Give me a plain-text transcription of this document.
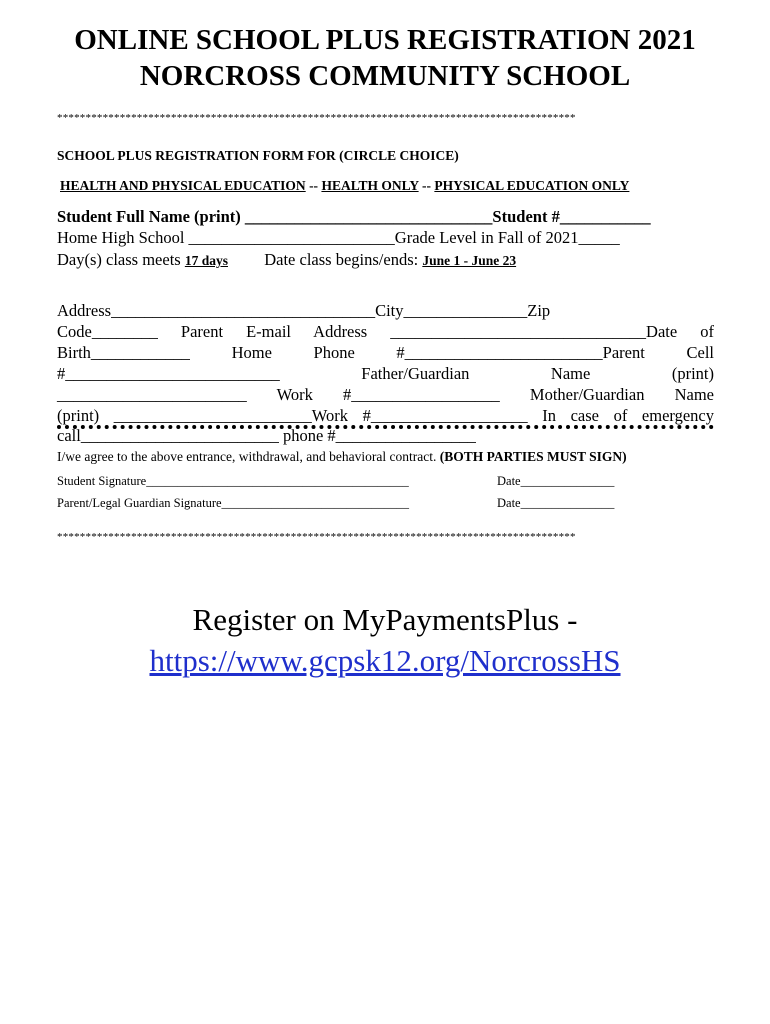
ONLINE SCHOOL PLUS REGISTRATION 2021
NORCROSS COMMUNITY SCHOOL
*******************************************************************************************
SCHOOL PLUS REGISTRATION FORM FOR (CIRCLE CHOICE)
HEALTH AND PHYSICAL EDUCATION -- HEALTH ONLY -- PHYSICAL EDUCATION ONLY
Student Full Name (print) ______________________________Student #___________
Home High School _________________________Grade Level in Fall of 2021_____
Day(s) class meets 17 days Date class begins/ends: June 1 - June 23
Address________________________________City_______________Zip
Code________ Parent E-mail Address _______________________________Date of
Birth____________ Home Phone #________________________Parent Cell
#__________________________ Father/Guardian Name (print)
_______________________ Work #__________________ Mother/Guardian Name
(print) ________________________Work #___________________ In case of emergency
call________________________ phone #_________________
I/we agree to the above entrance, withdrawal, and behavioral contract. (BOTH PARTIES MUST SIGN)
Student Signature__________________________________________	Date_______________
Parent/Legal Guardian Signature______________________________	Date_______________
*******************************************************************************************
Register on MyPaymentsPlus -
https://www.gcpsk12.org/NorcrossHS
